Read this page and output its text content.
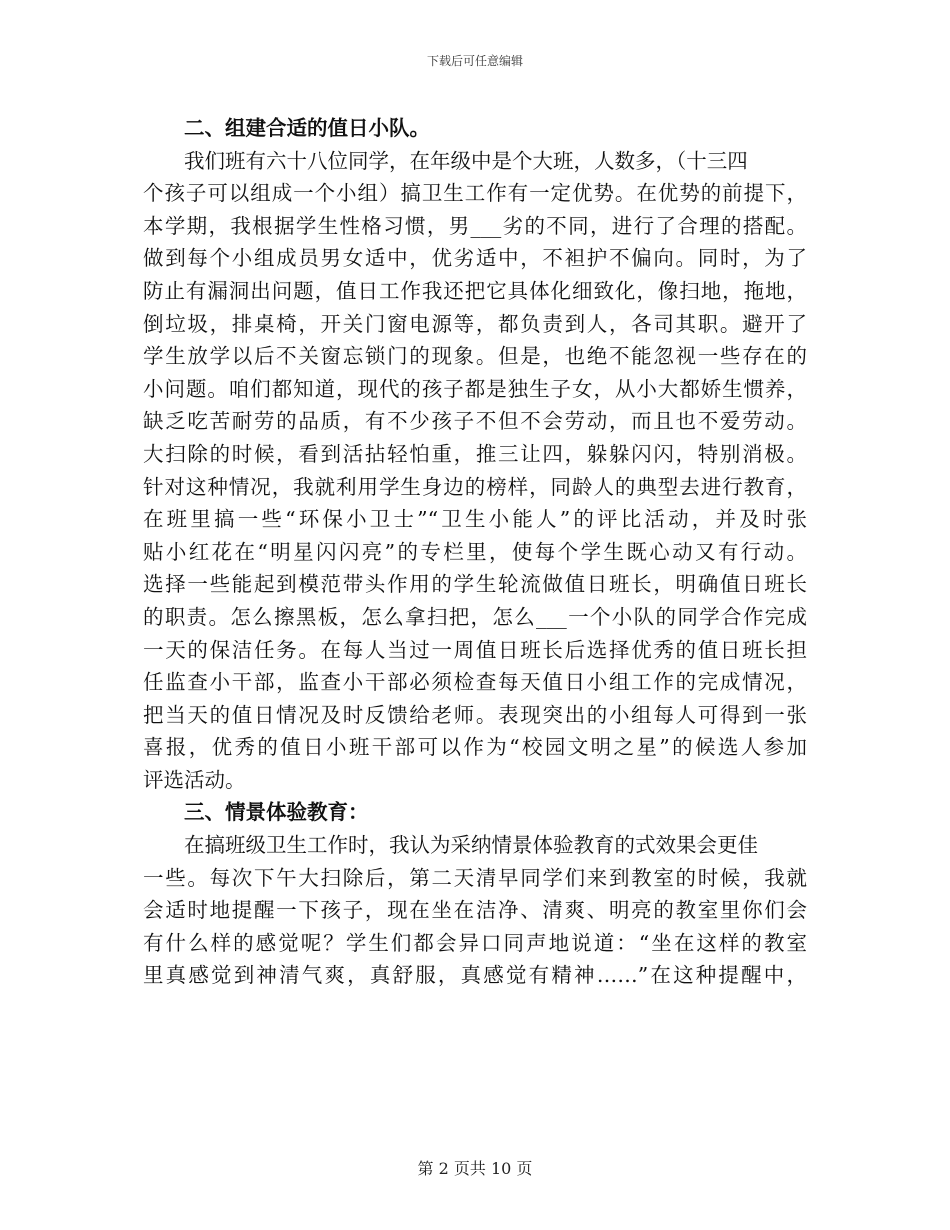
下载后可任意编辑
二、组建合适的值日小队。
我们班有六十八位同学，在年级中是个大班，人数多，（十三四
个孩子可以组成一个小组）搞卫生工作有一定优势。在优势的前提下，
本学期，我根据学生性格习惯，男___劣的不同，进行了合理的搭配。
做到每个小组成员男女适中，优劣适中，不袒护不偏向。同时，为了
防止有漏洞出问题，值日工作我还把它具体化细致化，像扫地，拖地，
倒垃圾，排桌椅，开关门窗电源等，都负责到人，各司其职。避开了
学生放学以后不关窗忘锁门的现象。但是，也绝不能忽视一些存在的
小问题。咱们都知道，现代的孩子都是独生子女，从小大都娇生惯养，
缺乏吃苦耐劳的品质，有不少孩子不但不会劳动，而且也不爱劳动。
大扫除的时候，看到活拈轻怕重，推三让四，躲躲闪闪，特别消极。
针对这种情况，我就利用学生身边的榜样，同龄人的典型去进行教育，
在班里搞一些“环保小卫士”“卫生小能人”的评比活动，并及时张
贴小红花在“明星闪闪亮”的专栏里，使每个学生既心动又有行动。
选择一些能起到模范带头作用的学生轮流做值日班长，明确值日班长
的职责。怎么擦黑板，怎么拿扫把，怎么___一个小队的同学合作完成
一天的保洁任务。在每人当过一周值日班长后选择优秀的值日班长担
任监查小干部，监查小干部必须检查每天值日小组工作的完成情况，
把当天的值日情况及时反馈给老师。表现突出的小组每人可得到一张
喜报，优秀的值日小班干部可以作为“校园文明之星”的候选人参加
评选活动。
三、情景体验教育：
在搞班级卫生工作时，我认为采纳情景体验教育的式效果会更佳
一些。每次下午大扫除后，第二天清早同学们来到教室的时候，我就
会适时地提醒一下孩子，现在坐在洁净、清爽、明亮的教室里你们会
有什么样的感觉呢？学生们都会异口同声地说道：“坐在这样的教室
里真感觉到神清气爽，真舒服，真感觉有精神……”在这种提醒中，
第 2 页共 10 页
